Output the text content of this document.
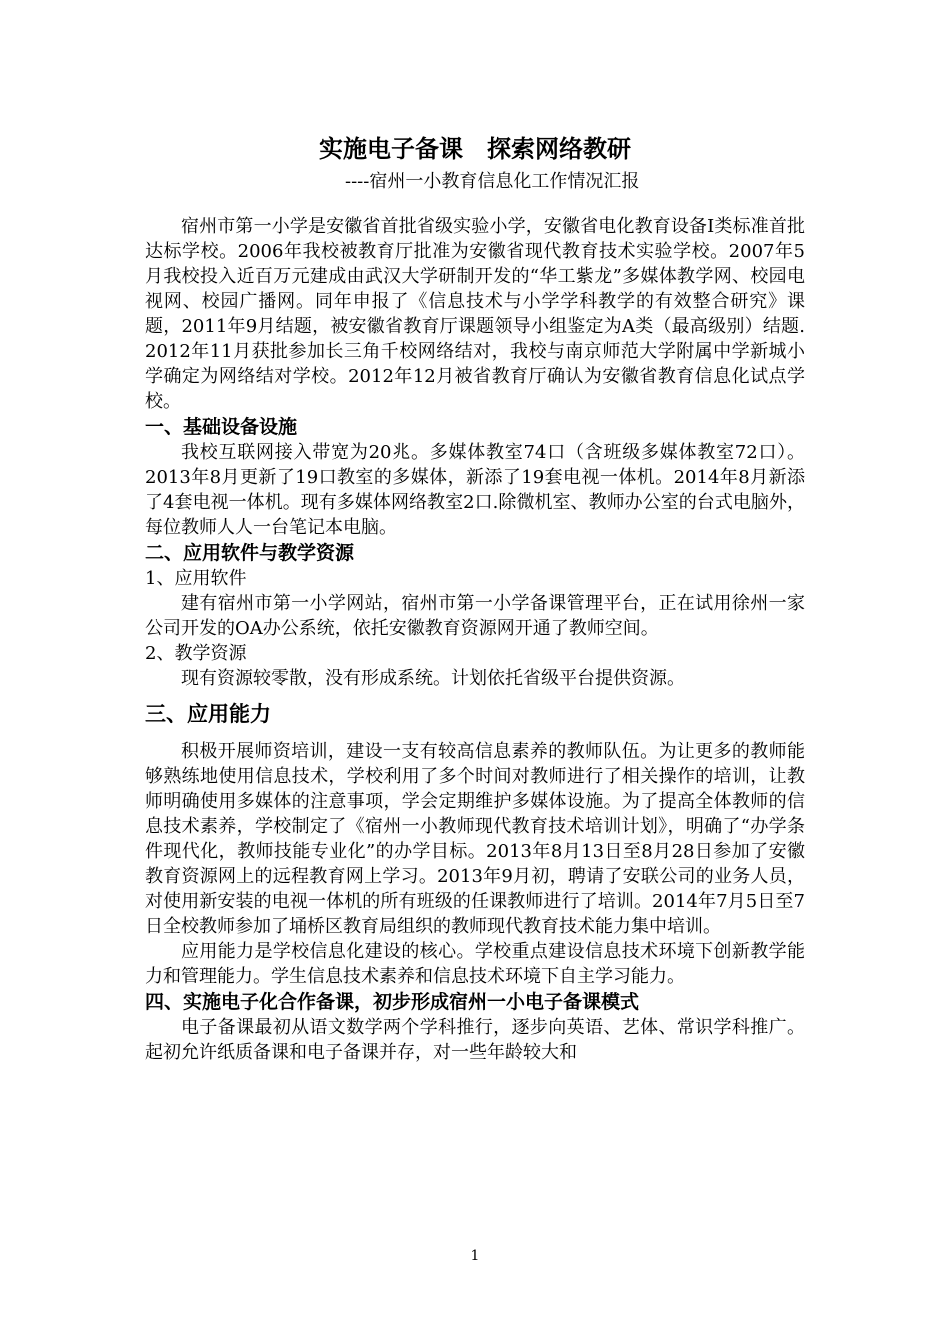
实施电子备课　探索网络教研
----宿州一小教育信息化工作情况汇报

宿州市第一小学是安徽省首批省级实验小学，安徽省电化教育设备Ⅰ类标准首批达标学校。2006年我校被教育厅批准为安徽省现代教育技术实验学校。2007年5月我校投入近百万元建成由武汉大学研制开发的“华工紫龙”多媒体教学网、校园电视网、校园广播网。同年申报了《信息技术与小学学科教学的有效整合研究》课题，2011年9月结题，被安徽省教育厅课题领导小组鉴定为A类（最高级别）结题. 2012年11月获批参加长三角千校网络结对，我校与南京师范大学附属中学新城小学确定为网络结对学校。2012年12月被省教育厅确认为安徽省教育信息化试点学校。

一、基础设备设施

我校互联网接入带宽为20兆。多媒体教室74口（含班级多媒体教室72口）。2013年8月更新了19口教室的多媒体，新添了19套电视一体机。2014年8月新添了4套电视一体机。现有多媒体网络教室2口.除微机室、教师办公室的台式电脑外，每位教师人人一台笔记本电脑。

二、应用软件与教学资源
1、应用软件

建有宿州市第一小学网站，宿州市第一小学备课管理平台，正在试用徐州一家公司开发的OA办公系统，依托安徽教育资源网开通了教师空间。

2、教学资源

现有资源较零散，没有形成系统。计划依托省级平台提供资源。

三、应用能力

积极开展师资培训，建设一支有较高信息素养的教师队伍。为让更多的教师能够熟练地使用信息技术，学校利用了多个时间对教师进行了相关操作的培训，让教师明确使用多媒体的注意事项，学会定期维护多媒体设施。为了提高全体教师的信息技术素养，学校制定了《宿州一小教师现代教育技术培训计划》，明确了“办学条件现代化，教师技能专业化”的办学目标。2013年8月13日至8月28日参加了安徽教育资源网上的远程教育网上学习。2013年9月初，聘请了安联公司的业务人员，对使用新安装的电视一体机的所有班级的任课教师进行了培训。2014年7月5日至7日全校教师参加了埇桥区教育局组织的教师现代教育技术能力集中培训。

应用能力是学校信息化建设的核心。学校重点建设信息技术环境下创新教学能力和管理能力。学生信息技术素养和信息技术环境下自主学习能力。

四、实施电子化合作备课，初步形成宿州一小电子备课模式

电子备课最初从语文数学两个学科推行，逐步向英语、艺体、常识学科推广。起初允许纸质备课和电子备课并存，对一些年龄较大和

1
